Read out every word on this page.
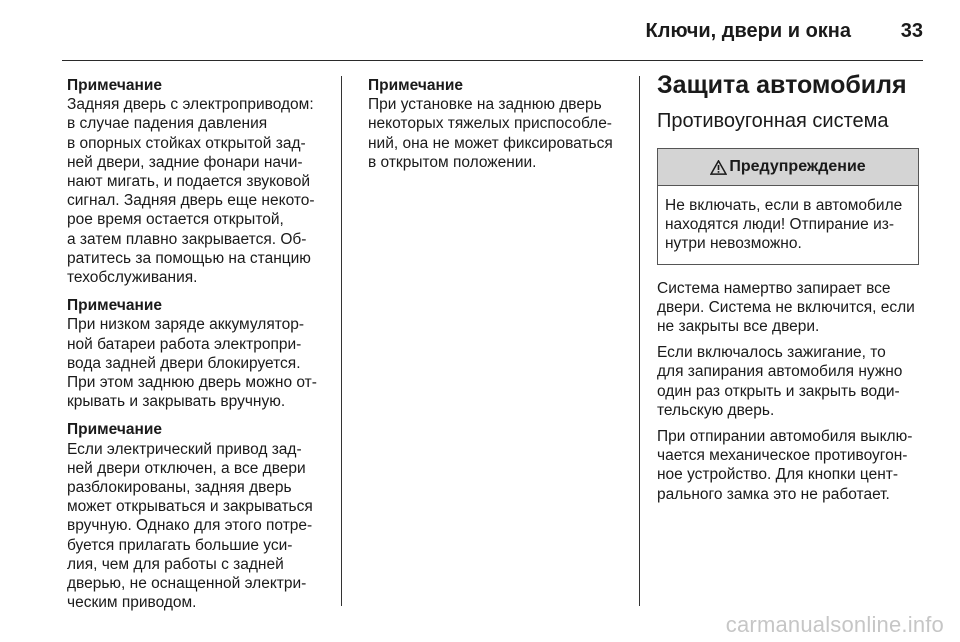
Ключи, двери и окна 33
Примечание
Задняя дверь с электроприводом:
в случае падения давления
в опорных стойках открытой зад-
ней двери, задние фонари начи-
нают мигать, и подается звуковой
сигнал. Задняя дверь еще некото-
рое время остается открытой,
а затем плавно закрывается. Об-
ратитесь за помощью на станцию
техобслуживания.
Примечание
При низком заряде аккумулятор-
ной батареи работа электропри-
вода задней двери блокируется.
При этом заднюю дверь можно от-
крывать и закрывать вручную.
Примечание
Если электрический привод зад-
ней двери отключен, а все двери
разблокированы, задняя дверь
может открываться и закрываться
вручную. Однако для этого потре-
буется прилагать большие уси-
лия, чем для работы с задней
дверью, не оснащенной электри-
ческим приводом.
Примечание
При установке на заднюю дверь
некоторых тяжелых приспособле-
ний, она не может фиксироваться
в открытом положении.
Защита автомобиля
Противоугонная система
Предупреждение
Не включать, если в автомобиле
находятся люди! Отпирание из-
нутри невозможно.
Система намертво запирает все
двери. Система не включится, если
не закрыты все двери.
Если включалось зажигание, то
для запирания автомобиля нужно
один раз открыть и закрыть води-
тельскую дверь.
При отпирании автомобиля выклю-
чается механическое противоугон-
ное устройство. Для кнопки цент-
рального замка это не работает.
carmanualsonline.info
